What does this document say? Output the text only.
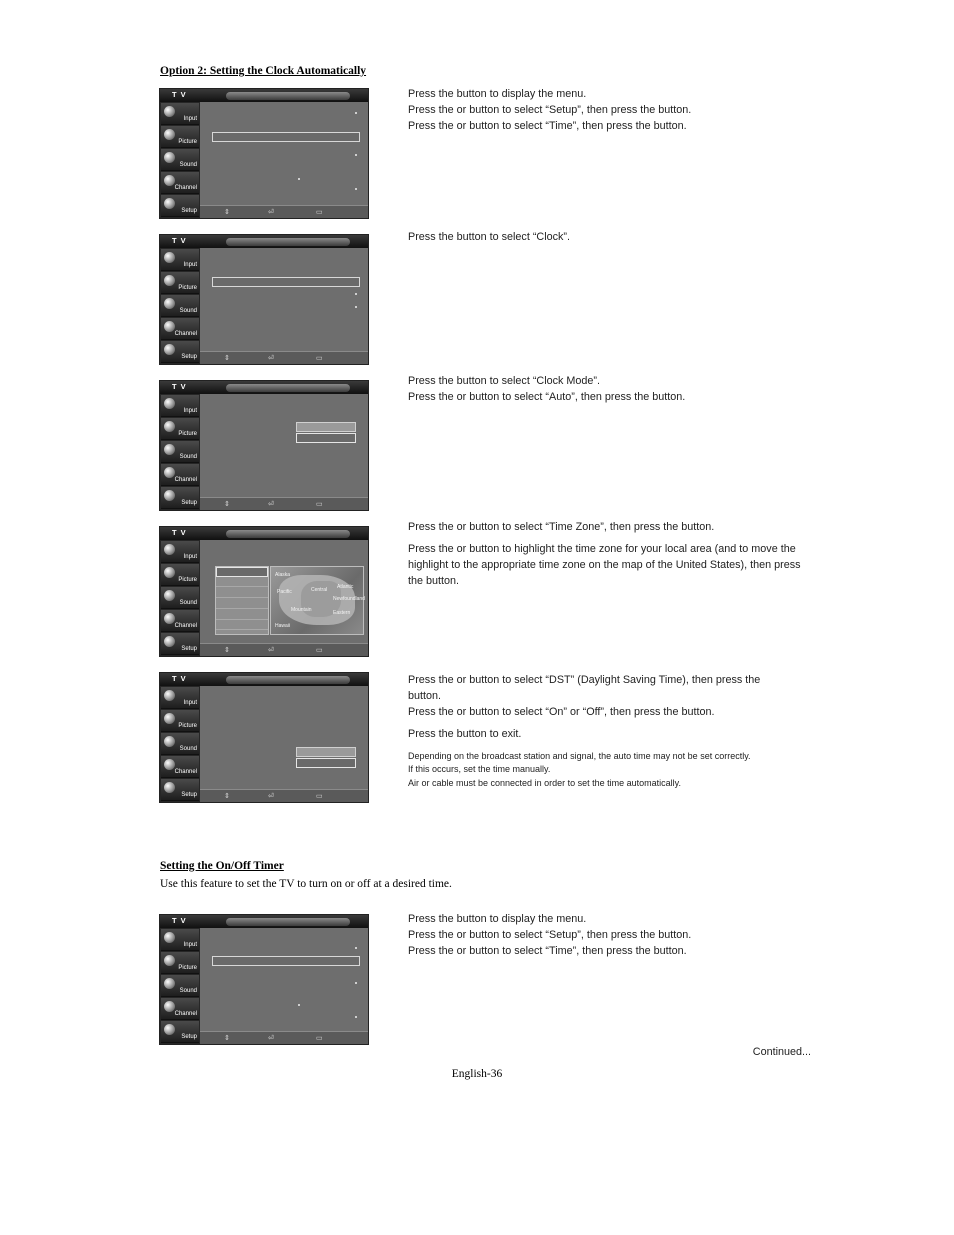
Option 2: Setting the Clock Automatically
T V
Input
Picture
Sound
Channel
Setup	⇕	⏎	▭
Press the button to display the menu.
Press the or button to select “Setup”, then press the button.
Press the or button to select “Time”, then press the button.
T V
Input
Picture
Sound
Channel
Setup	⇕	⏎	▭
Press the button to select “Clock”.
T V
Input
Picture
Sound
Channel
Setup	⇕	⏎	▭
Press the button to select “Clock Mode”.
Press the or button to select “Auto”, then press the button.
T V
Input
Picture
Sound
Channel
Setup
Alaska
Pacific	Central Atlantic
Newfoundland
Mountain	Eastern
Hawaii
⇕	⏎	▭
Press the or button to select “Time Zone”, then press the button.
Press the or button to highlight the time zone for your local area (and to move the highlight to the appropriate time zone on the map of the United States), then press the button.
T V
Input
Picture
Sound
Channel
Setup	⇕	⏎	▭
Press the or button to select “DST” (Daylight Saving Time), then press the
button.
Press the or button to select “On” or “Off”, then press the button.
Press the button to exit.
Depending on the broadcast station and signal, the auto time may not be set correctly.
If this occurs, set the time manually.
Air or cable must be connected in order to set the time automatically.
Setting the On/Off Timer
Use this feature to set the TV to turn on or off at a desired time.
T V
Input
Picture
Sound
Channel
Setup	⇕	⏎	▭
Press the button to display the menu.
Press the or button to select “Setup”, then press the button.
Press the or button to select “Time”, then press the button.
Continued...
English-36
